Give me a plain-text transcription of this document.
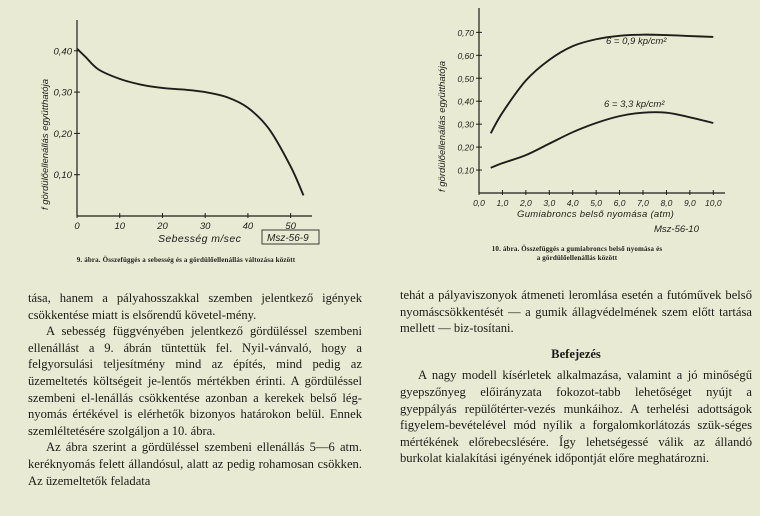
f gördülőellenállás együtthatója 0,10
0,20
0,30
0,40
0	10	20	30	40	50
Sebesség m/sec	Msz-56-9
9. ábra. Összefüggés a sebesség és a gördülőellenállás változása között
f gördülőellenállás együtthatója 0,10
0,20
0,30
0,40
0,50
0,60
0,70
0,0 1,0 2,0 3,0 4,0 5,0 6,0 7,0 8,0 9,0 10,0
6 = 0,9 kp/cm²
6 = 3,3 kp/cm²
Gumiabroncs belső nyomása (atm)
Msz-56-10
10. ábra. Összefüggés a gumiabroncs belső nyomása és
a gördülőellenállás között

tása, hanem a pályahosszakkal szemben jelentkező igények csökkentése miatt is elsőrendű követel-mény.

A sebesség függvényében jelentkező gördüléssel szembeni ellenállást a 9. ábrán tüntettük fel. Nyil-vánvaló, hogy a felgyorsulási teljesítmény mind az építés, mind pedig az üzemeltetés költségeit je-lentős mértékben érinti. A gördüléssel szembeni el-lenállás csökkentése azonban a kerekek belső lég-nyomás értékével is elérhetők bizonyos határokon belül. Ennek szemléltetésére szolgáljon a 10. ábra.

Az ábra szerint a gördüléssel szembeni ellenállás 5—6 atm. keréknyomás felett állandósul, alatt az pedig rohamosan csökken. Az üzemeltetők feladata

tehát a pályaviszonyok átmeneti leromlása esetén a futóművek belső nyomáscsökkentését — a gumik állagvédelmének szem előtt tartása mellett — biz-tosítani.

Befejezés

A nagy modell kísérletek alkalmazása, valamint a jó minőségű gyepszőnyeg előirányzata fokozot-tabb lehetőséget nyújt a gyeppályás repülőtérter-vezés munkáihoz. A terhelési adottságok figyelem-bevételével mód nyílik a forgalomkorlátozás szük-séges mértékének előrebecslésére. Így lehetségessé válik az állandó burkolat kialakítási igényének időpontját előre meghatározni.
